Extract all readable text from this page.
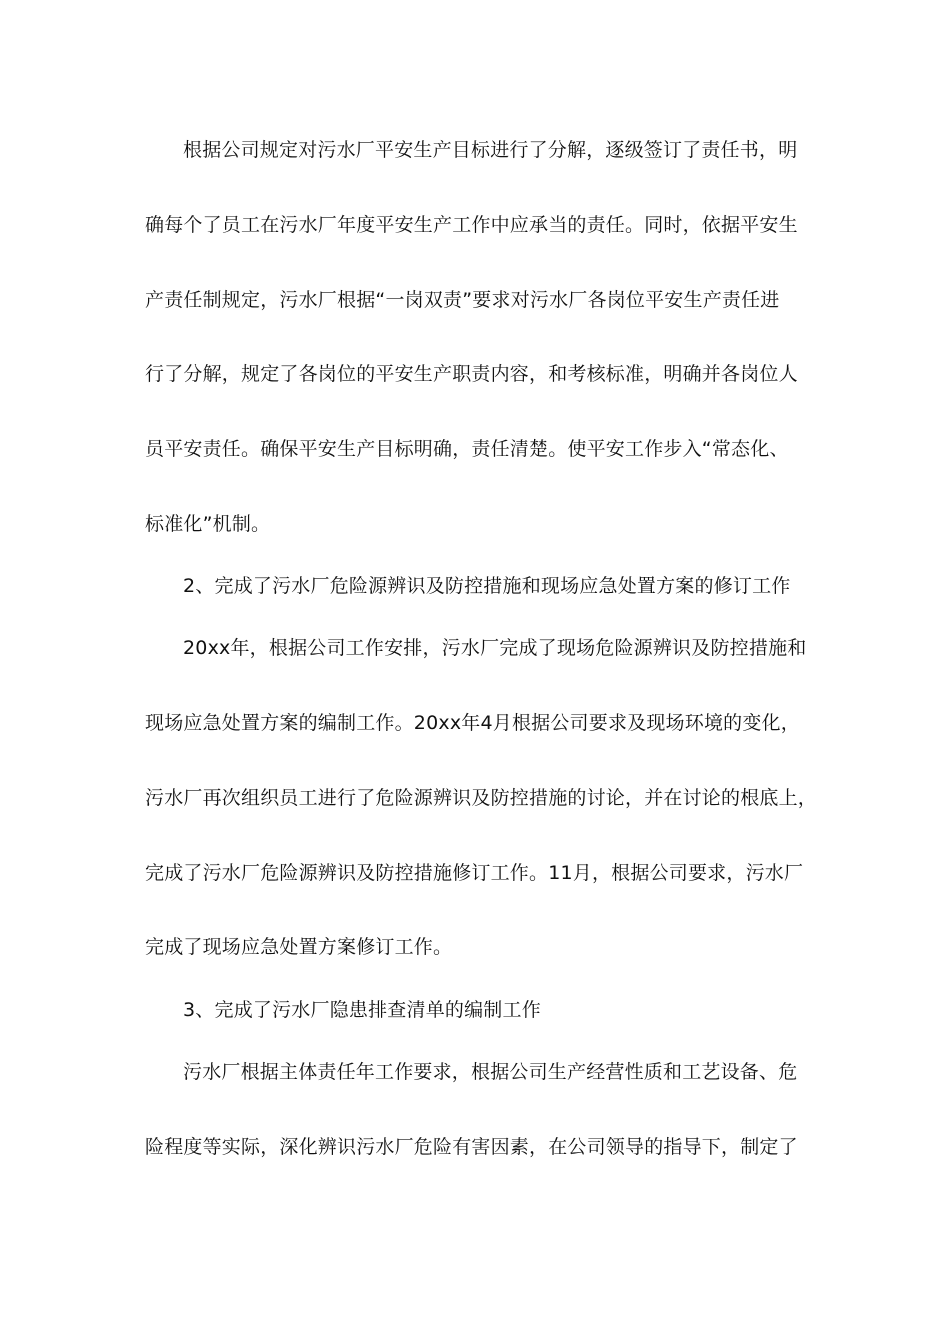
根据公司规定对污水厂平安生产目标进行了分解，逐级签订了责任书，明
确每个了员工在污水厂年度平安生产工作中应承当的责任。同时，依据平安生
产责任制规定，污水厂根据“一岗双责”要求对污水厂各岗位平安生产责任进
行了分解，规定了各岗位的平安生产职责内容，和考核标准，明确并各岗位人
员平安责任。确保平安生产目标明确，责任清楚。使平安工作步入“常态化、
标准化”机制。
2、完成了污水厂危险源辨识及防控措施和现场应急处置方案的修订工作
20xx年，根据公司工作安排，污水厂完成了现场危险源辨识及防控措施和
现场应急处置方案的编制工作。20xx年4月根据公司要求及现场环境的变化，
污水厂再次组织员工进行了危险源辨识及防控措施的讨论，并在讨论的根底上，
完成了污水厂危险源辨识及防控措施修订工作。11月，根据公司要求，污水厂
完成了现场应急处置方案修订工作。
3、完成了污水厂隐患排查清单的编制工作
污水厂根据主体责任年工作要求，根据公司生产经营性质和工艺设备、危
险程度等实际，深化辨识污水厂危险有害因素，在公司领导的指导下，制定了
